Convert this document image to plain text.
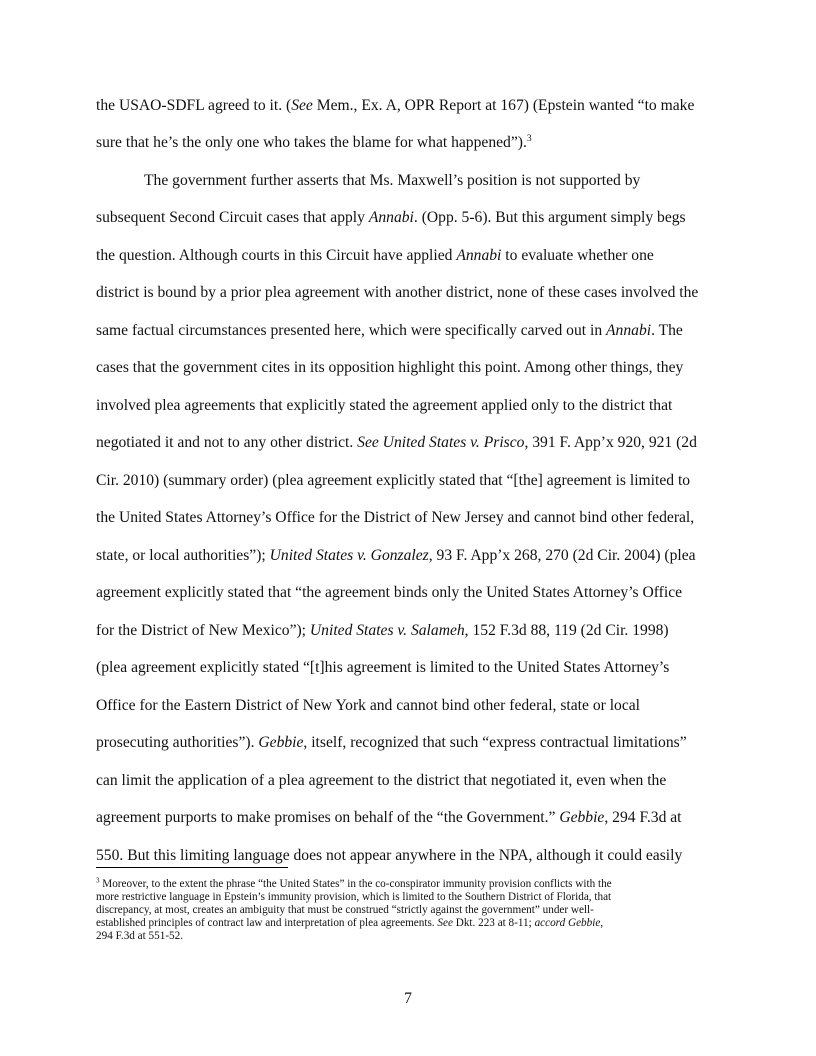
the USAO-SDFL agreed to it. (See Mem., Ex. A, OPR Report at 167) (Epstein wanted “to make
sure that he’s the only one who takes the blame for what happened”).$^3$
The government further asserts that Ms. Maxwell’s position is not supported by
subsequent Second Circuit cases that apply Annabi. (Opp. 5-6). But this argument simply begs
the question. Although courts in this Circuit have applied Annabi to evaluate whether one
district is bound by a prior plea agreement with another district, none of these cases involved the
same factual circumstances presented here, which were specifically carved out in Annabi. The
cases that the government cites in its opposition highlight this point. Among other things, they
involved plea agreements that explicitly stated the agreement applied only to the district that
negotiated it and not to any other district. See United States v. Prisco, 391 F. App’x 920, 921 (2d
Cir. 2010) (summary order) (plea agreement explicitly stated that “[the] agreement is limited to
the United States Attorney’s Office for the District of New Jersey and cannot bind other federal,
state, or local authorities”); United States v. Gonzalez, 93 F. App’x 268, 270 (2d Cir. 2004) (plea
agreement explicitly stated that “the agreement binds only the United States Attorney’s Office
for the District of New Mexico”); United States v. Salameh, 152 F.3d 88, 119 (2d Cir. 1998)
(plea agreement explicitly stated “[t]his agreement is limited to the United States Attorney’s
Office for the Eastern District of New York and cannot bind other federal, state or local
prosecuting authorities”). Gebbie, itself, recognized that such “express contractual limitations”
can limit the application of a plea agreement to the district that negotiated it, even when the
agreement purports to make promises on behalf of the “the Government.” Gebbie, 294 F.3d at
550. But this limiting language does not appear anywhere in the NPA, although it could easily
$^3$ Moreover, to the extent the phrase “the United States” in the co-conspirator immunity provision conflicts with the
more restrictive language in Epstein’s immunity provision, which is limited to the Southern District of Florida, that
discrepancy, at most, creates an ambiguity that must be construed “strictly against the government” under well-
established principles of contract law and interpretation of plea agreements. See Dkt. 223 at 8-11; accord Gebbie,
294 F.3d at 551-52.
7
